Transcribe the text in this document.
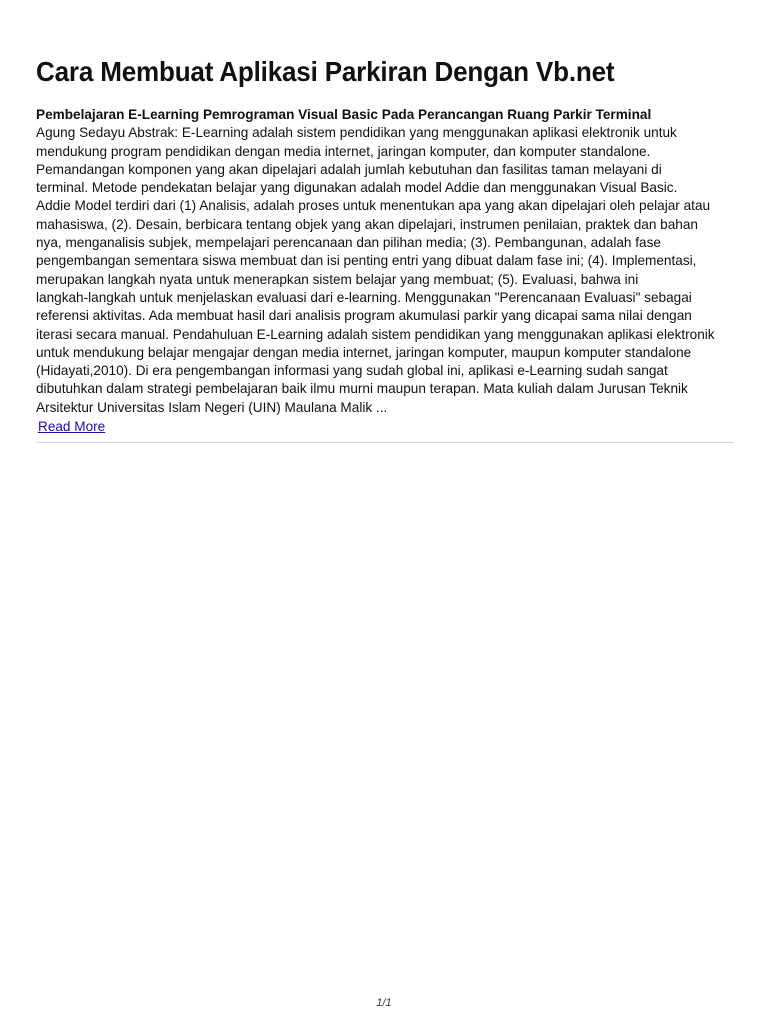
Cara Membuat Aplikasi Parkiran Dengan Vb.net
Pembelajaran E-Learning Pemrograman Visual Basic Pada Perancangan Ruang Parkir Terminal

Agung Sedayu Abstrak: E-Learning adalah sistem pendidikan yang menggunakan aplikasi elektronik untuk
mendukung program pendidikan dengan media internet, jaringan komputer, dan komputer standalone.
Pemandangan komponen yang akan dipelajari adalah jumlah kebutuhan dan fasilitas taman melayani di
terminal. Metode pendekatan belajar yang digunakan adalah model Addie dan menggunakan Visual Basic.
Addie Model terdiri dari (1) Analisis, adalah proses untuk menentukan apa yang akan dipelajari oleh pelajar atau
mahasiswa, (2). Desain, berbicara tentang objek yang akan dipelajari, instrumen penilaian, praktek dan bahan
nya, menganalisis subjek, mempelajari perencanaan dan pilihan media; (3). Pembangunan, adalah fase
pengembangan sementara siswa membuat dan isi penting entri yang dibuat dalam fase ini; (4). Implementasi,
merupakan langkah nyata untuk menerapkan sistem belajar yang membuat; (5). Evaluasi, bahwa ini
langkah-langkah untuk menjelaskan evaluasi dari e-learning. Menggunakan "Perencanaan Evaluasi" sebagai
referensi aktivitas. Ada membuat hasil dari analisis program akumulasi parkir yang dicapai sama nilai dengan
iterasi secara manual. Pendahuluan E-Learning adalah sistem pendidikan yang menggunakan aplikasi elektronik
untuk mendukung belajar mengajar dengan media internet, jaringan komputer, maupun komputer standalone
(Hidayati,2010). Di era pengembangan informasi yang sudah global ini, aplikasi e-Learning sudah sangat
dibutuhkan dalam strategi pembelajaran baik ilmu murni maupun terapan. Mata kuliah dalam Jurusan Teknik
Arsitektur Universitas Islam Negeri (UIN) Maulana Malik ...

Read More
1/1
